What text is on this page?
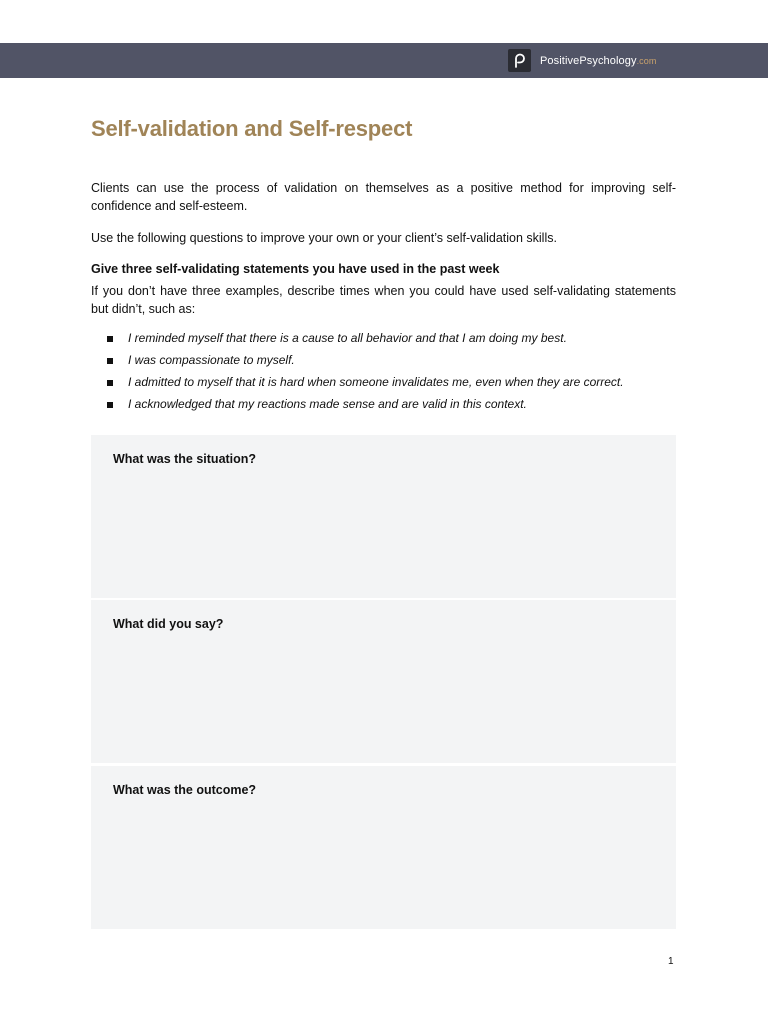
PositivePsychology.com
Self-validation and Self-respect

Clients can use the process of validation on themselves as a positive method for improving self-confidence and self-esteem.

Use the following questions to improve your own or your client’s self-validation skills.

Give three self-validating statements you have used in the past week

If you don’t have three examples, describe times when you could have used self-validating statements but didn’t, such as:

I reminded myself that there is a cause to all behavior and that I am doing my best.
I was compassionate to myself.
I admitted to myself that it is hard when someone invalidates me, even when they are correct.
I acknowledged that my reactions made sense and are valid in this context.

What was the situation?

What did you say?

What was the outcome?

1
